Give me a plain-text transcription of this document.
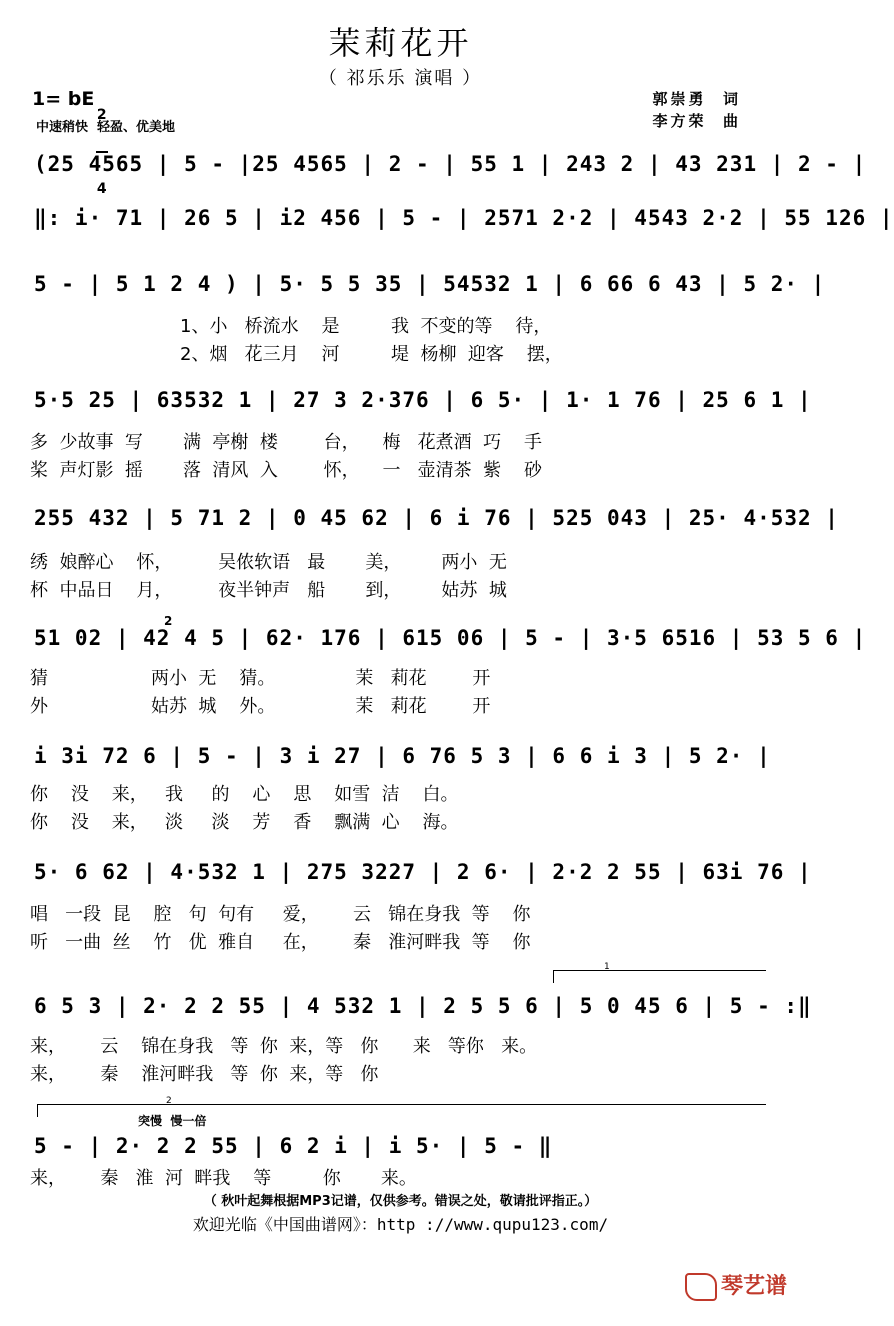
茉莉花开
（ 祁乐乐 演唱 ）
1= bE

2

4

中速稍快  轻盈、优美地
郭崇勇  词
李方荣  曲
(25 4565 | 5 - |25 4565 | 2 - | 55 1 | 243 2 | 43 231 | 2 - |
‖: i· 71 | 26 5 | i2 456 | 5 - | 2571 2·2 | 4543 2·2 | 55 126 |
5 - | 5 1 2 4 ) | 5· 5 5 35 | 54532 1 | 6 66 6 43 | 5 2· |
1、小   桥流水    是         我  不变的等    待，
2、烟   花三月    河         堤  杨柳  迎客    摆，
5·5 25 | 63532 1 | 27 3 2·376 | 6 5· | 1· 1 76 | 25 6 1 |
多  少故事  写       满  亭榭  楼        台，    梅   花煮酒  巧    手
桨  声灯影  摇       落  清风  入        怀，    一   壶清茶  紫    砂
255 432 | 5 71 2 | 0 45 62 | 6 i 76 | 525 043 | 25· 4·532 |
绣  娘醉心    怀，        吴侬软语   最       美，       两小  无
杯  中品日    月，        夜半钟声   船       到，       姑苏  城
2
51 02 | 42 4 5 | 62· 176 | 615 06 | 5 - | 3·5 6516 | 53 5 6 |
猜                  两小  无    猜。              茉   莉花        开
外                  姑苏  城    外。              茉   莉花        开
i 3i 72 6 | 5 - | 3 i 27 | 6 76 5 3 | 6 6 i 3 | 5 2· |
你    没    来，   我     的    心    思    如雪  洁    白。
你    没    来，   淡     淡    芳    香    飘满  心    海。
5· 6 62 | 4·532 1 | 275 3227 | 2 6· | 2·2 2 55 | 63i 76 |
唱   一段  昆    腔   句  句有     爱，      云   锦在身我  等    你
听   一曲  丝    竹   优  雅自     在，      秦   淮河畔我  等    你
1
6 5 3 | 2· 2 2 55 | 4 532 1 | 2 5 5 6 | 5 0 45 6 | 5 - :‖
来，      云    锦在身我   等  你  来，等   你      来   等你   来。
来，      秦    淮河畔我   等  你  来，等   你
2
突慢  慢一倍
5 - | 2· 2 2 55 | 6 2 i | i 5· | 5 - ‖
来，      秦   淮  河  畔我    等         你       来。
（ 秋叶起舞根据MP3记谱，仅供参考。错误之处，敬请批评指正。）
欢迎光临《中国曲谱网》：http ://www.qupu123.com/

琴艺谱
